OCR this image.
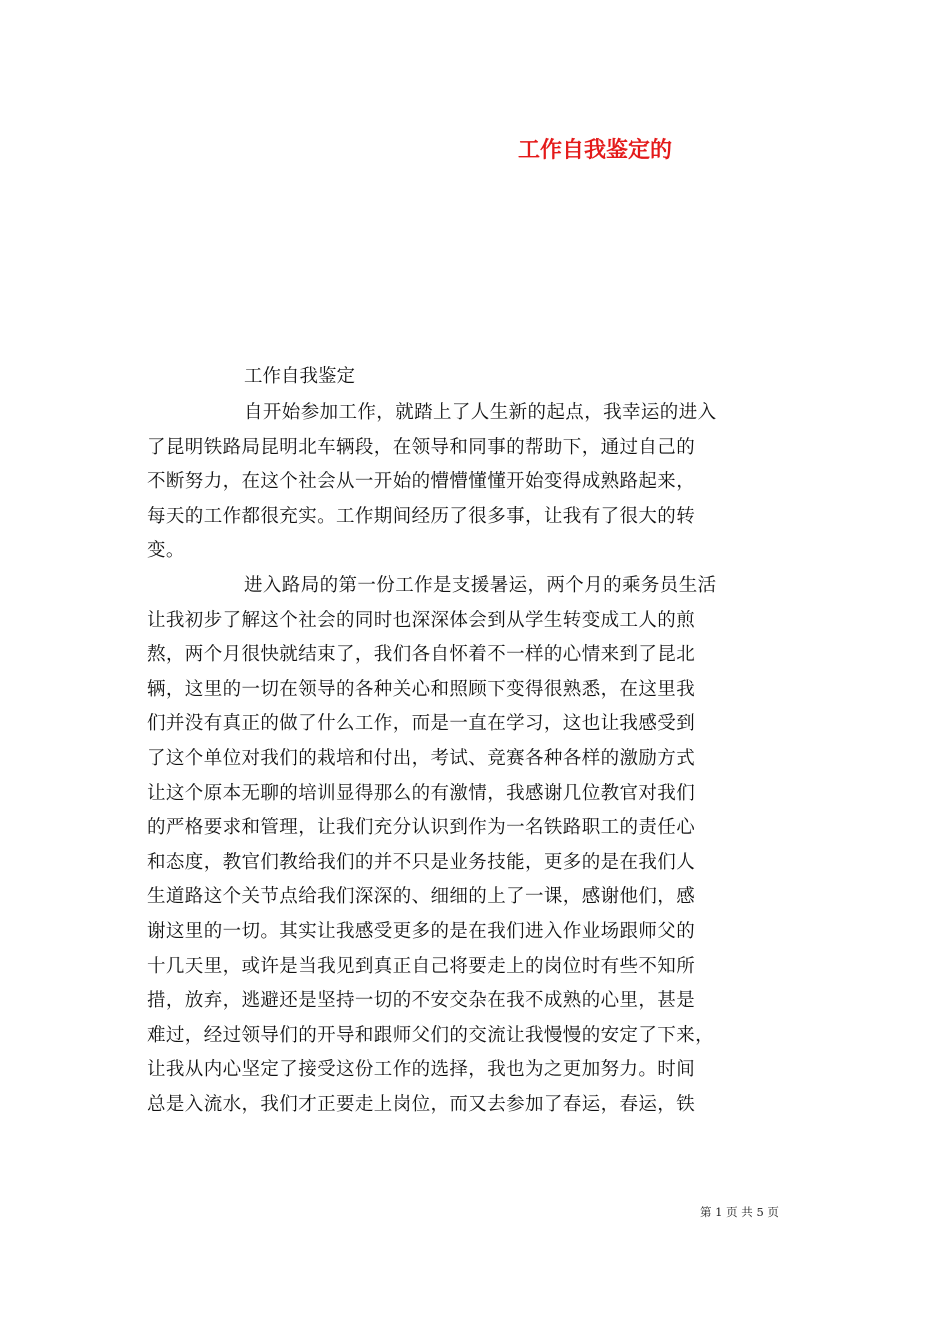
工作自我鉴定的
工作自我鉴定
自开始参加工作，就踏上了人生新的起点，我幸运的进入
了昆明铁路局昆明北车辆段，在领导和同事的帮助下，通过自己的
不断努力，在这个社会从一开始的懵懵懂懂开始变得成熟路起来，
每天的工作都很充实。工作期间经历了很多事，让我有了很大的转
变。
进入路局的第一份工作是支援暑运，两个月的乘务员生活
让我初步了解这个社会的同时也深深体会到从学生转变成工人的煎
熬，两个月很快就结束了，我们各自怀着不一样的心情来到了昆北
辆，这里的一切在领导的各种关心和照顾下变得很熟悉，在这里我
们并没有真正的做了什么工作，而是一直在学习，这也让我感受到
了这个单位对我们的栽培和付出，考试、竞赛各种各样的激励方式
让这个原本无聊的培训显得那么的有激情，我感谢几位教官对我们
的严格要求和管理，让我们充分认识到作为一名铁路职工的责任心
和态度，教官们教给我们的并不只是业务技能，更多的是在我们人
生道路这个关节点给我们深深的、细细的上了一课，感谢他们，感
谢这里的一切。其实让我感受更多的是在我们进入作业场跟师父的
十几天里，或许是当我见到真正自己将要走上的岗位时有些不知所
措，放弃，逃避还是坚持一切的不安交杂在我不成熟的心里，甚是
难过，经过领导们的开导和跟师父们的交流让我慢慢的安定了下来，
让我从内心坚定了接受这份工作的选择，我也为之更加努力。时间
总是入流水，我们才正要走上岗位，而又去参加了春运，春运，铁
第 1 页 共 5 页
